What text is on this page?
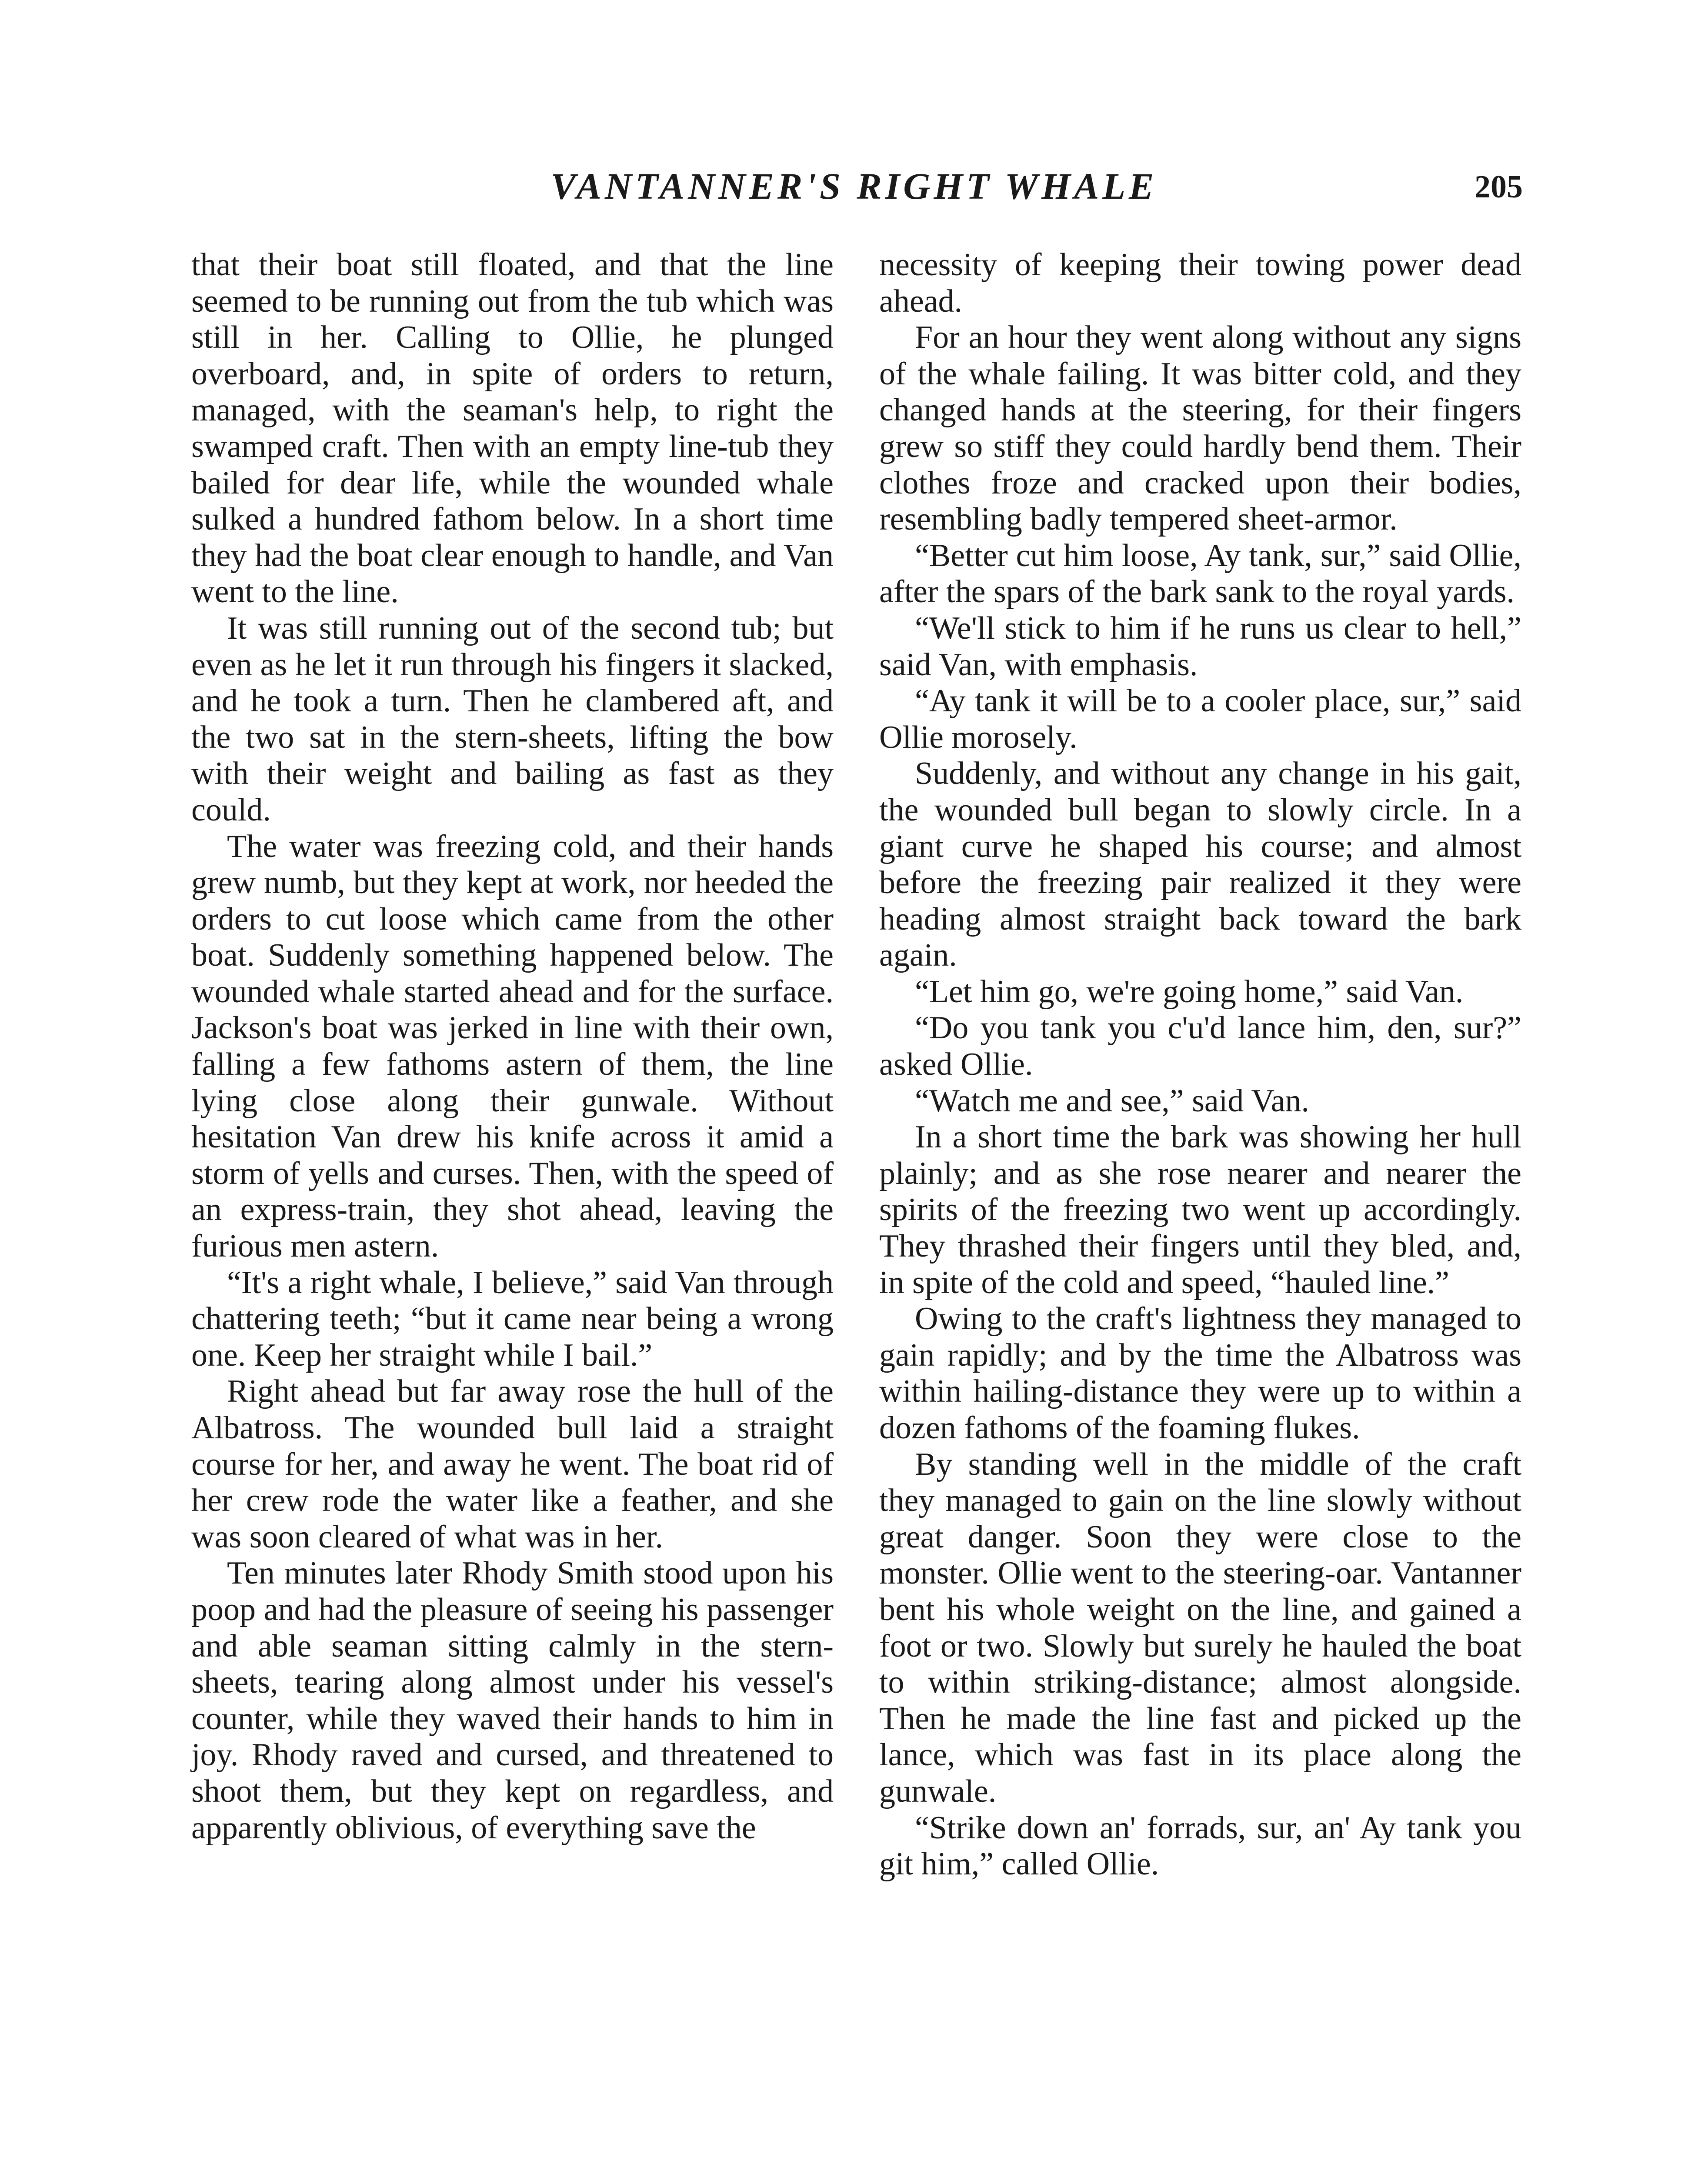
VANTANNER'S RIGHT WHALE	205

that their boat still floated, and that the line seemed to be running out from the tub which was still in her. Calling to Ollie, he plunged overboard, and, in spite of orders to return, managed, with the seaman's help, to right the swamped craft. Then with an empty line-tub they bailed for dear life, while the wounded whale sulked a hundred fathom below. In a short time they had the boat clear enough to handle, and Van went to the line.

It was still running out of the second tub; but even as he let it run through his fingers it slacked, and he took a turn. Then he clambered aft, and the two sat in the stern-sheets, lifting the bow with their weight and bailing as fast as they could.

The water was freezing cold, and their hands grew numb, but they kept at work, nor heeded the orders to cut loose which came from the other boat. Suddenly something happened below. The wounded whale started ahead and for the surface. Jackson's boat was jerked in line with their own, falling a few fathoms astern of them, the line lying close along their gunwale. Without hesitation Van drew his knife across it amid a storm of yells and curses. Then, with the speed of an express-train, they shot ahead, leaving the furious men astern.

“It's a right whale, I believe,” said Van through chattering teeth; “but it came near being a wrong one. Keep her straight while I bail.”

Right ahead but far away rose the hull of the Albatross. The wounded bull laid a straight course for her, and away he went. The boat rid of her crew rode the water like a feather, and she was soon cleared of what was in her.

Ten minutes later Rhody Smith stood upon his poop and had the pleasure of seeing his passenger and able seaman sitting calmly in the stern-sheets, tearing along almost under his vessel's counter, while they waved their hands to him in joy. Rhody raved and cursed, and threatened to shoot them, but they kept on regardless, and apparently oblivious, of everything save the

necessity of keeping their towing power dead ahead.

For an hour they went along without any signs of the whale failing. It was bitter cold, and they changed hands at the steering, for their fingers grew so stiff they could hardly bend them. Their clothes froze and cracked upon their bodies, resembling badly tempered sheet-armor.

“Better cut him loose, Ay tank, sur,” said Ollie, after the spars of the bark sank to the royal yards.

“We'll stick to him if he runs us clear to hell,” said Van, with emphasis.

“Ay tank it will be to a cooler place, sur,” said Ollie morosely.

Suddenly, and without any change in his gait, the wounded bull began to slowly circle. In a giant curve he shaped his course; and almost before the freezing pair realized it they were heading almost straight back toward the bark again.

“Let him go, we're going home,” said Van.

“Do you tank you c'u'd lance him, den, sur?” asked Ollie.

“Watch me and see,” said Van.

In a short time the bark was showing her hull plainly; and as she rose nearer and nearer the spirits of the freezing two went up accordingly. They thrashed their fingers until they bled, and, in spite of the cold and speed, “hauled line.”

Owing to the craft's lightness they managed to gain rapidly; and by the time the Albatross was within hailing-distance they were up to within a dozen fathoms of the foaming flukes.

By standing well in the middle of the craft they managed to gain on the line slowly without great danger. Soon they were close to the monster. Ollie went to the steering-oar. Vantanner bent his whole weight on the line, and gained a foot or two. Slowly but surely he hauled the boat to within striking-distance; almost alongside. Then he made the line fast and picked up the lance, which was fast in its place along the gunwale.

“Strike down an' forrads, sur, an' Ay tank you git him,” called Ollie.
